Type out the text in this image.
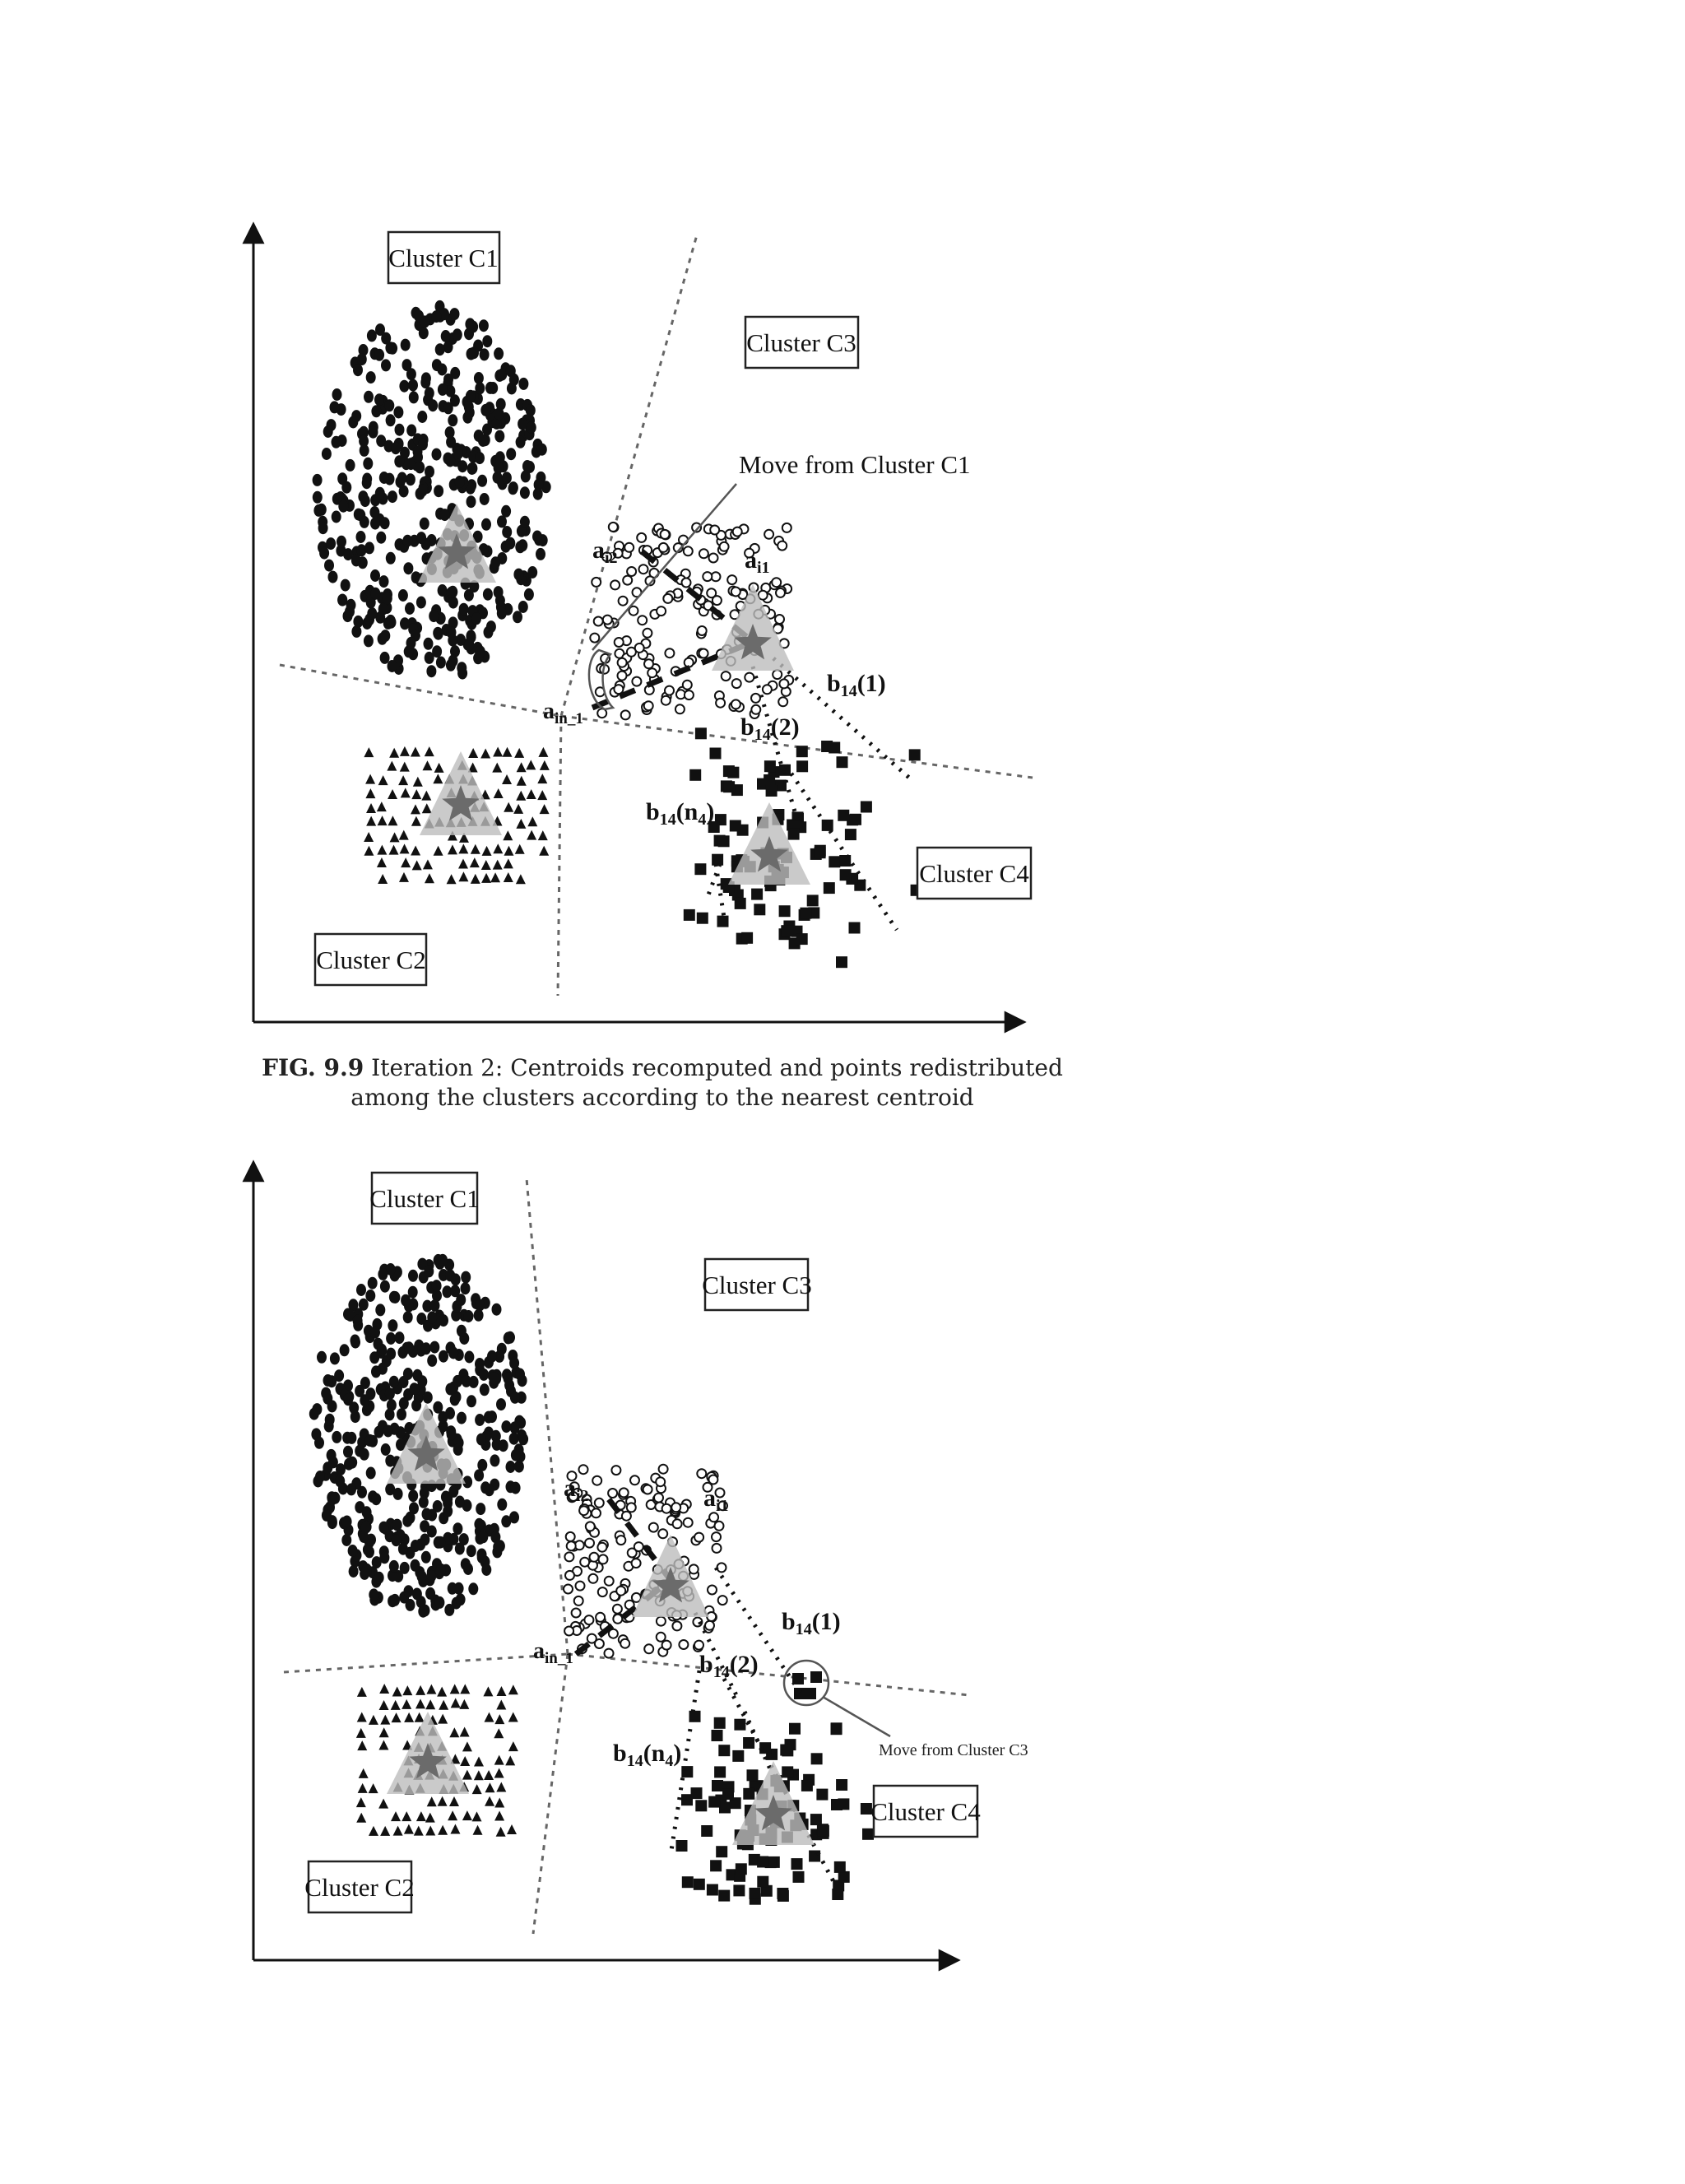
Cluster C1
Cluster C3
Cluster C2
Cluster C4
Move from Cluster C1
$a_{i2}$	$a_{i1}$
$a_{in\_1}$
$b_{14}(1)$
$b_{14}(2)$
$b_{14}(n_4)$
Cluster C1
Cluster C3
Cluster C2
Cluster C4
Move from Cluster C3
$a_{i2}$	$a_{i1}$
$a_{in\_1}$
$b_{14}(1)$
$b_{14}(2)$
$b_{14}(n_4)$
FIG. 9.9 Iteration 2: Centroids recomputed and points redistributed
among the clusters according to the nearest centroid
